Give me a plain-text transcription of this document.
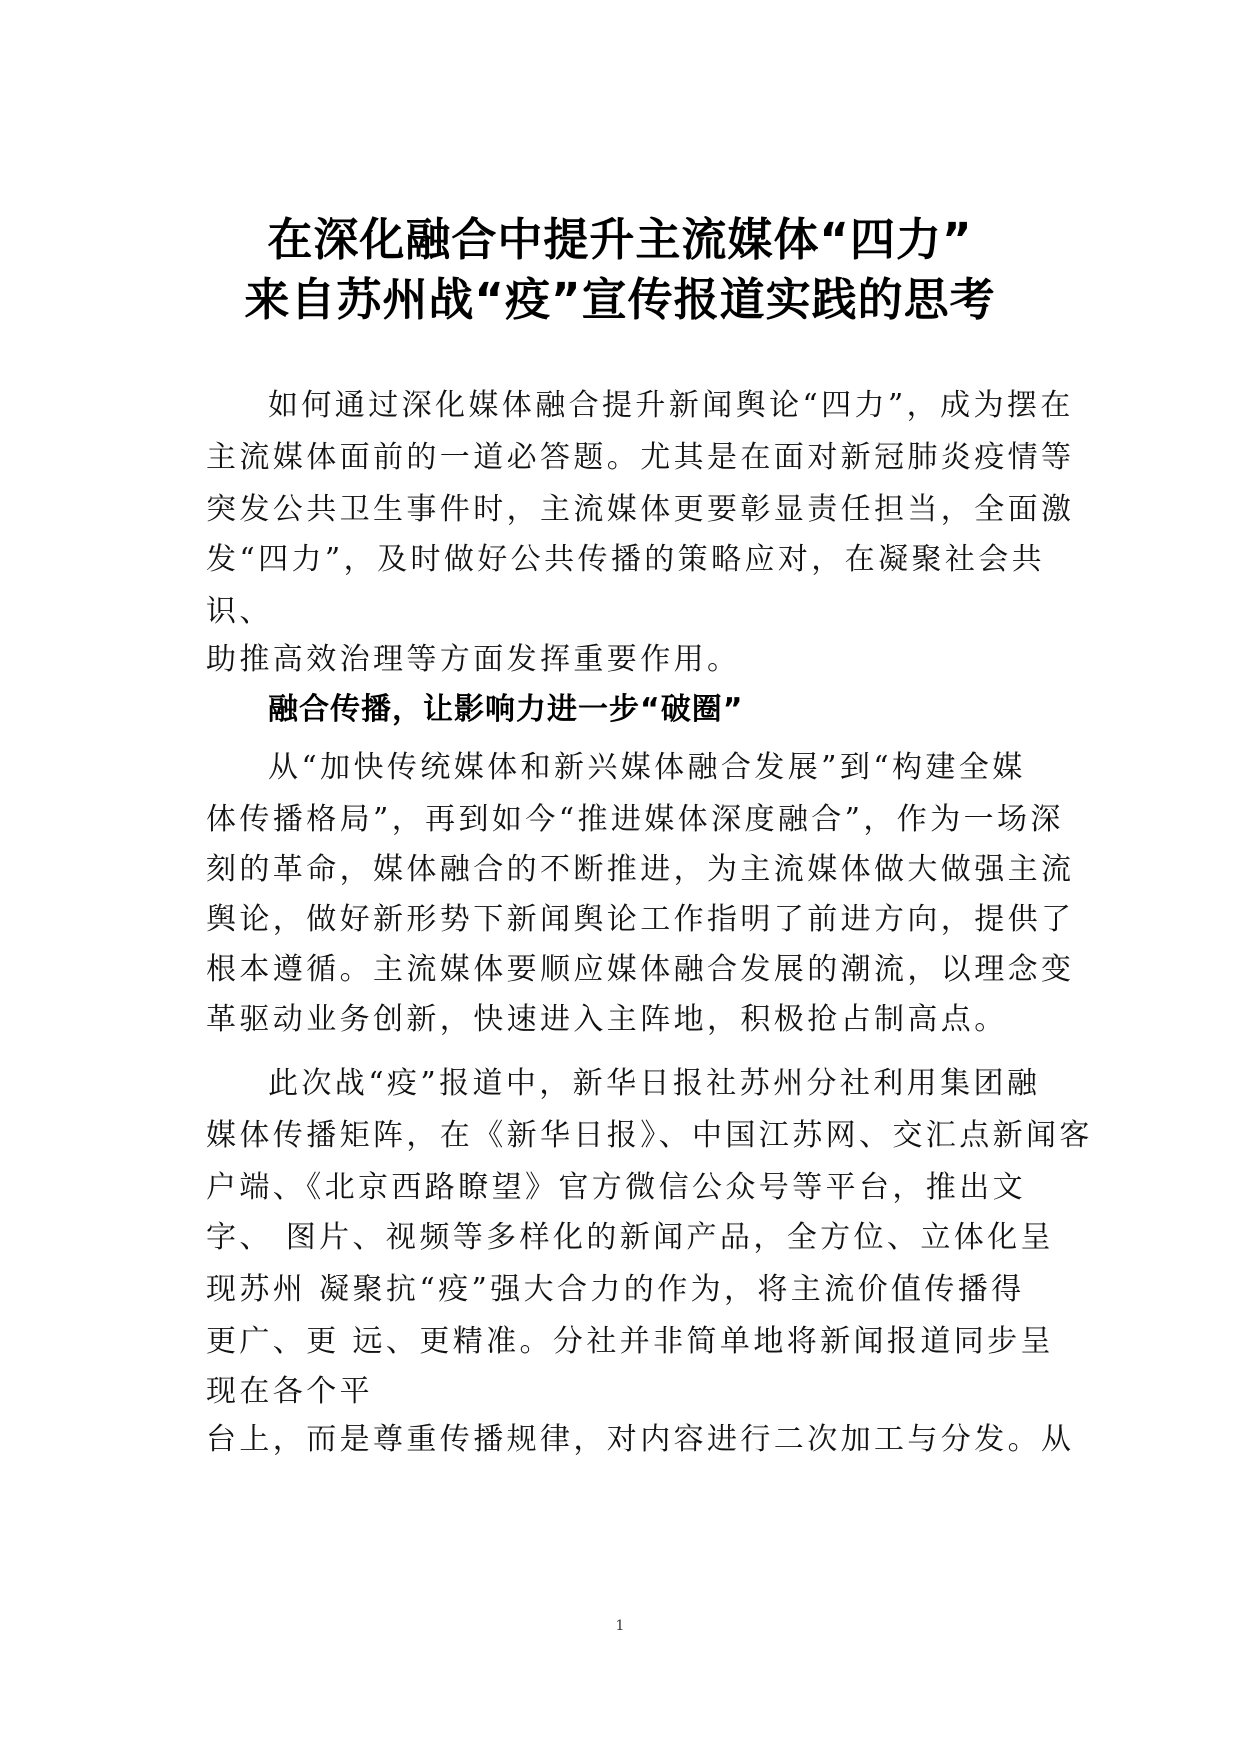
在深化融合中提升主流媒体“四力”
来自苏州战“疫”宣传报道实践的思考
如何通过深化媒体融合提升新闻舆论“四力”，成为摆在
主流媒体面前的一道必答题。尤其是在面对新冠肺炎疫情等
突发公共卫生事件时，主流媒体更要彰显责任担当，全面激
发“四力”，及时做好公共传播的策略应对，在凝聚社会共
识、
助推高效治理等方面发挥重要作用。
融合传播，让影响力进一步“破圈”
从“加快传统媒体和新兴媒体融合发展”到“构建全媒
体传播格局”，再到如今“推进媒体深度融合”，作为一场深
刻的革命，媒体融合的不断推进，为主流媒体做大做强主流
舆论，做好新形势下新闻舆论工作指明了前进方向，提供了
根本遵循。主流媒体要顺应媒体融合发展的潮流，以理念变
革驱动业务创新，快速进入主阵地，积极抢占制高点。
此次战“疫”报道中，新华日报社苏州分社利用集团融
媒体传播矩阵，在《新华日报》、中国江苏网、交汇点新闻客
户端、《北京西路瞭望》官方微信公众号等平台，推出文
字、 图片、视频等多样化的新闻产品，全方位、立体化呈
现苏州 凝聚抗“疫”强大合力的作为，将主流价值传播得
更广、更 远、更精准。分社并非简单地将新闻报道同步呈
现在各个平
台上，而是尊重传播规律，对内容进行二次加工与分发。从
1
